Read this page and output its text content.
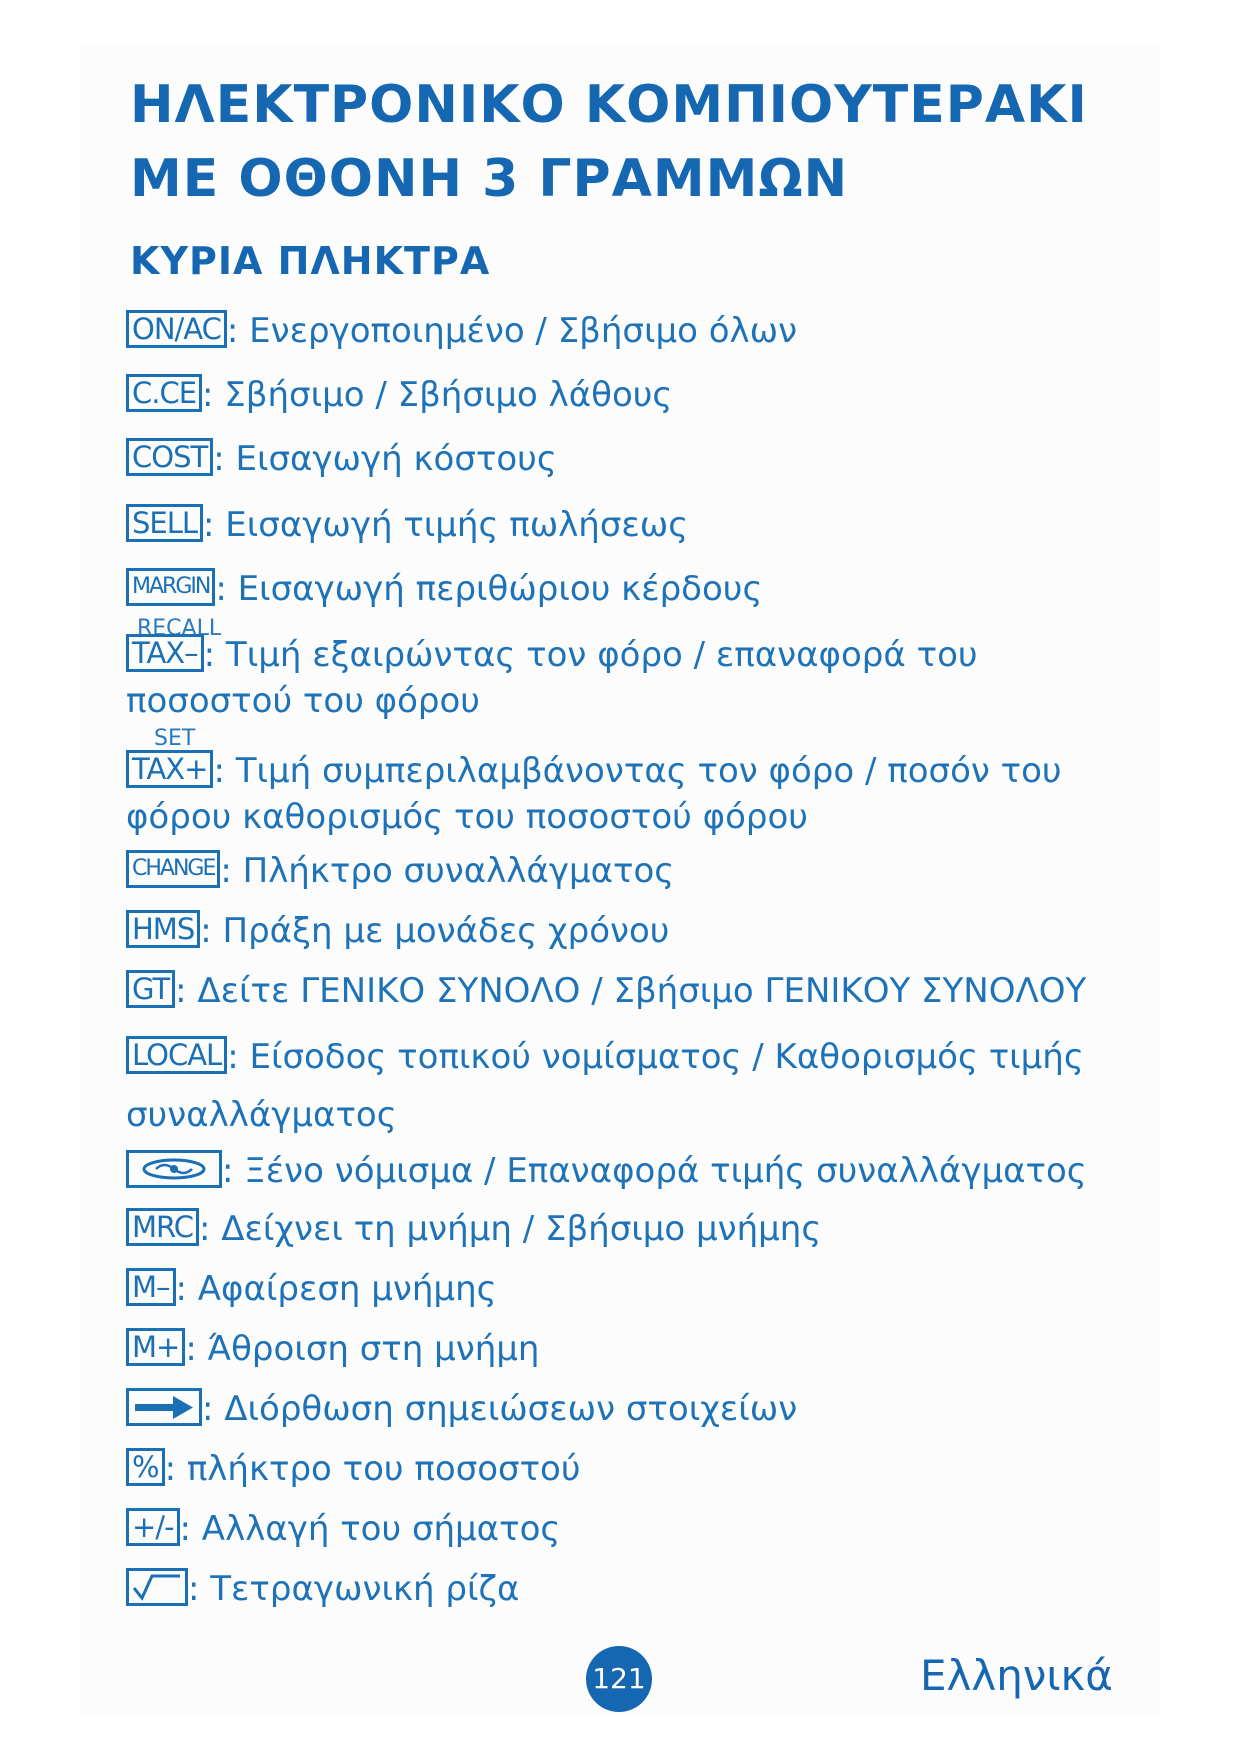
ΗΛΕΚΤΡΟΝΙΚΟ ΚΟΜΠΙΟΥΤΕΡΑΚΙ
ΜΕ ΟΘΟΝΗ 3 ΓΡΑΜΜΩΝ
ΚΥΡΙΑ ΠΛΗΚΤΡΑ
ON/AC : Ενεργοποιημένο / Σβήσιμο όλων
C.CE : Σβήσιμο / Σβήσιμο λάθους
COST : Εισαγωγή κόστους
SELL : Εισαγωγή τιμής πωλήσεως
MARGIN : Εισαγωγή περιθώριου κέρδους
RECALL
TAX– : Τιμή εξαιρώντας τον φόρο / επαναφορά του
ποσοστού του φόρου
SET
TAX+ : Τιμή συμπεριλαμβάνοντας τον φόρο / ποσόν του
φόρου καθορισμός του ποσοστού φόρου
CHANGE : Πλήκτρο συναλλάγματος
HMS : Πράξη με μονάδες χρόνου
GT : Δείτε ΓΕΝΙΚΟ ΣΥΝΟΛΟ / Σβήσιμο ΓΕΝΙΚΟΥ ΣΥΝΟΛΟΥ
LOCAL : Είσοδος τοπικού νομίσματος / Καθορισμός τιμής
συναλλάγματος
: Ξένο νόμισμα / Επαναφορά τιμής συναλλάγματος
MRC : Δείχνει τη μνήμη / Σβήσιμο μνήμης
M– : Αφαίρεση μνήμης
M+ : Άθροιση στη μνήμη
: Διόρθωση σημειώσεων στοιχείων
% : πλήκτρο του ποσοστού
+/- : Αλλαγή του σήματος
: Τετραγωνική ρίζα
121	Ελληνικά
